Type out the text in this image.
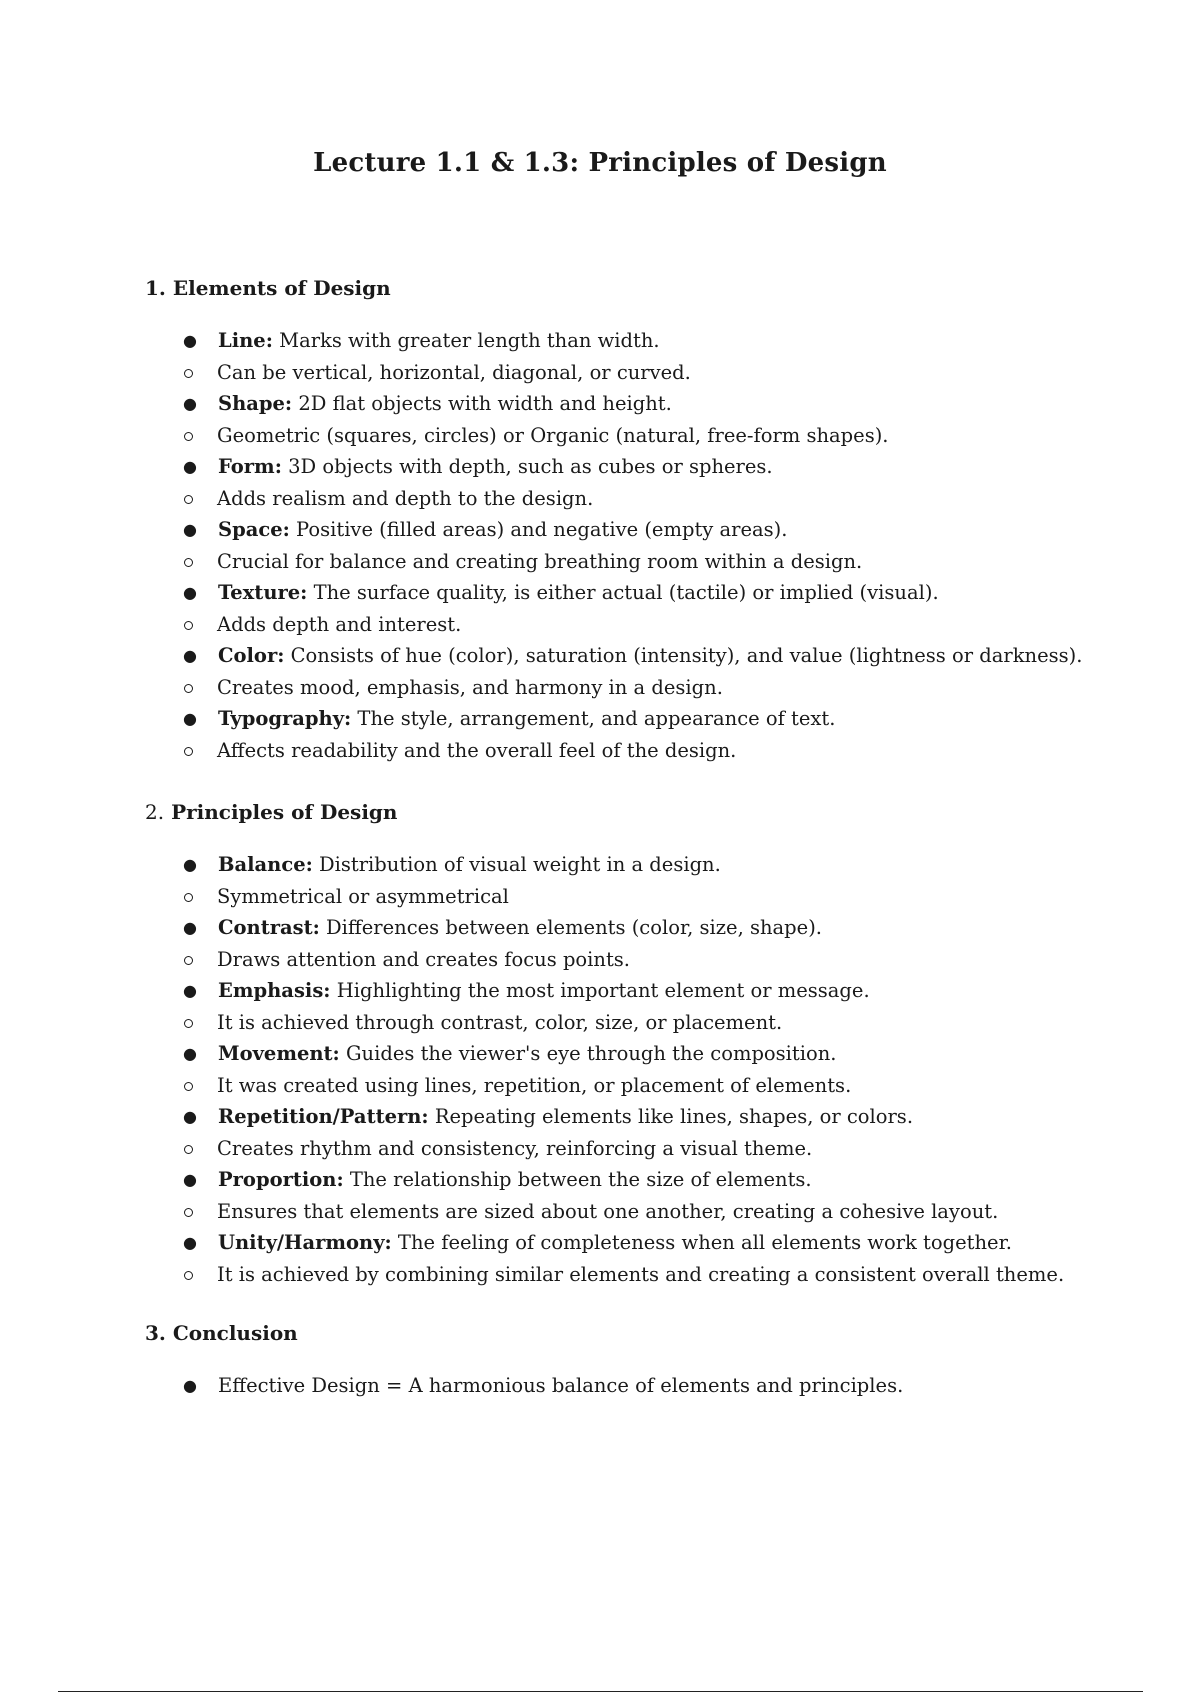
Lecture 1.1 & 1.3: Principles of Design
1. Elements of Design
● Line: Marks with greater length than width.
Can be vertical, horizontal, diagonal, or curved.
● Shape: 2D flat objects with width and height.
Geometric (squares, circles) or Organic (natural, free-form shapes).
● Form: 3D objects with depth, such as cubes or spheres.
Adds realism and depth to the design.
● Space: Positive (filled areas) and negative (empty areas).
Crucial for balance and creating breathing room within a design.
● Texture: The surface quality, is either actual (tactile) or implied (visual).
Adds depth and interest.
● Color: Consists of hue (color), saturation (intensity), and value (lightness or darkness).
Creates mood, emphasis, and harmony in a design.
● Typography: The style, arrangement, and appearance of text.
Affects readability and the overall feel of the design.
2. Principles of Design
● Balance: Distribution of visual weight in a design.
Symmetrical or asymmetrical
● Contrast: Differences between elements (color, size, shape).
Draws attention and creates focus points.
● Emphasis: Highlighting the most important element or message.
It is achieved through contrast, color, size, or placement.
● Movement: Guides the viewer's eye through the composition.
It was created using lines, repetition, or placement of elements.
● Repetition/Pattern: Repeating elements like lines, shapes, or colors.
Creates rhythm and consistency, reinforcing a visual theme.
● Proportion: The relationship between the size of elements.
Ensures that elements are sized about one another, creating a cohesive layout.
● Unity/Harmony: The feeling of completeness when all elements work together.
It is achieved by combining similar elements and creating a consistent overall theme.
3. Conclusion
● Effective Design = A harmonious balance of elements and principles.
